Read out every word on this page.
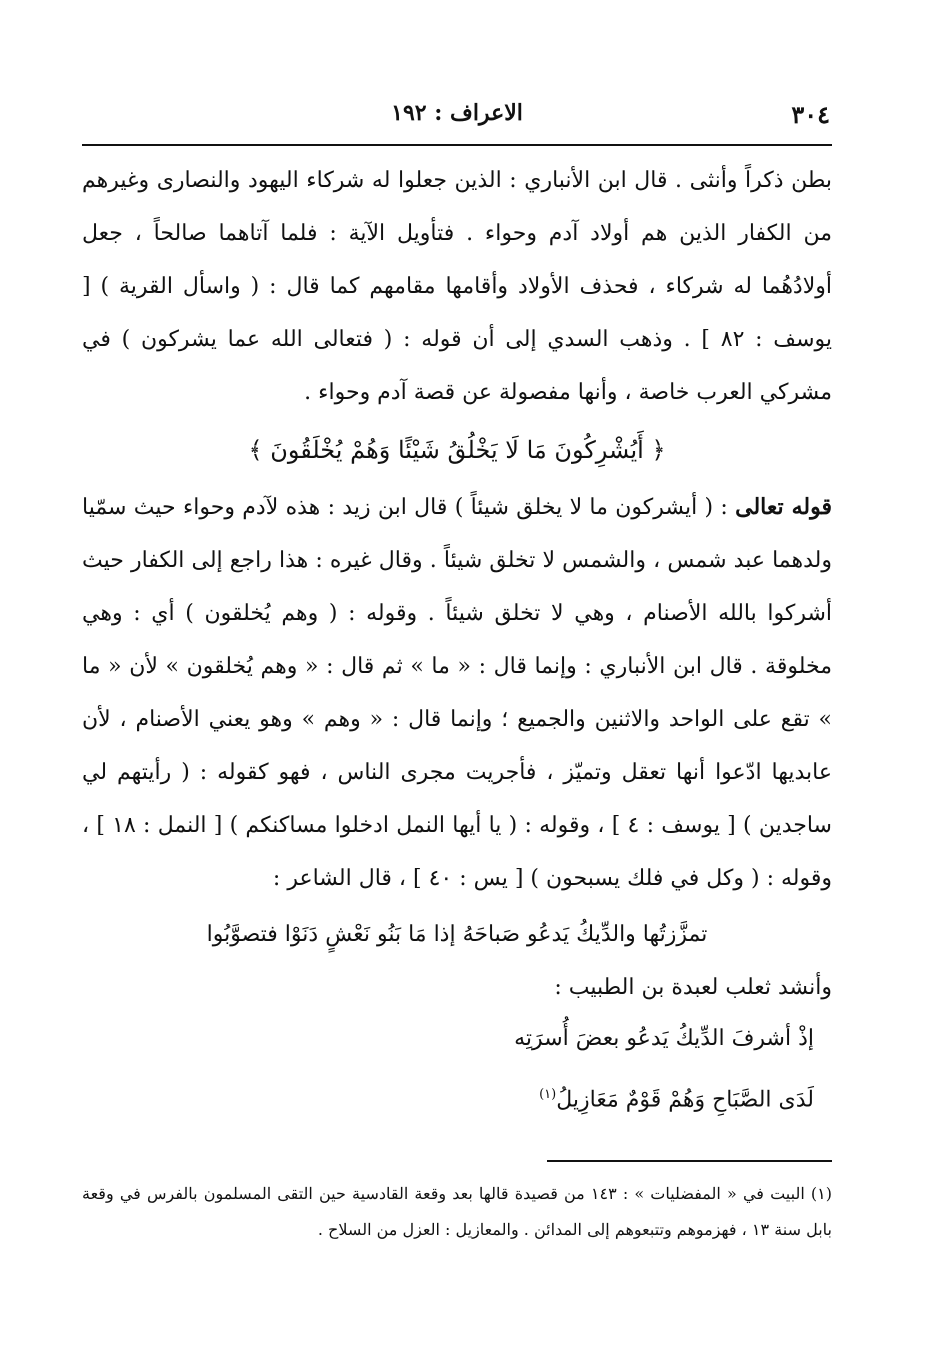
٣٠٤
الاعراف : ١٩٢

بطن ذكراً وأنثى . قال ابن الأنباري : الذين جعلوا له شركاء اليهود والنصارى وغيرهم من الكفار الذين هم أولاد آدم وحواء . فتأويل الآية : فلما آتاهما صالحاً ، جعل أولادُهُما له شركاء ، فحذف الأولاد وأقامها مقامهم كما قال : ( واسأل القرية ) [ يوسف : ٨٢ ] . وذهب السدي إلى أن قوله : ( فتعالى الله عما يشركون ) في مشركي العرب خاصة ، وأنها مفصولة عن قصة آدم وحواء .

﴿ أَيُشْرِكُونَ مَا لَا يَخْلُقُ شَيْئًا وَهُمْ يُخْلَقُونَ ﴾

قوله تعالى : ( أيشركون ما لا يخلق شيئاً ) قال ابن زيد : هذه لآدم وحواء حيث سمّيا ولدهما عبد شمس ، والشمس لا تخلق شيئاً . وقال غيره : هذا راجع إلى الكفار حيث أشركوا بالله الأصنام ، وهي لا تخلق شيئاً . وقوله : ( وهم يُخلقون ) أي : وهي مخلوقة . قال ابن الأنباري : وإنما قال : « ما » ثم قال : « وهم يُخلقون » لأن « ما » تقع على الواحد والاثنين والجميع ؛ وإنما قال : « وهم » وهو يعني الأصنام ، لأن عابديها ادّعوا أنها تعقل وتميّز ، فأجريت مجرى الناس ، فهو كقوله : ( رأيتهم لي ساجدين ) [ يوسف : ٤ ] ، وقوله : ( يا أيها النمل ادخلوا مساكنكم ) [ النمل : ١٨ ] ، وقوله : ( وكل في فلك يسبحون ) [ يس : ٤٠ ] ، قال الشاعر :

تمزَّزتُها والدِّيكُ يَدعُو صَباحَهُ إذا مَا بَنُو نَعْشٍ دَنَوْا فتصوَّبُوا

وأنشد ثعلب لعبدة بن الطبيب :

إذْ أشرفَ الدِّيكُ يَدعُو بعضَ أُسرَتِه

لَدَى الصَّبَاحِ وَهُمْ قَوْمٌ مَعَازِيلُ$^{(١)}$

(١) البيت في « المفضليات » : ١٤٣ من قصيدة قالها بعد وقعة القادسية حين التقى المسلمون بالفرس في وقعة بابل سنة ١٣ ، فهزموهم وتتبعوهم إلى المدائن . والمعازيل : العزل من السلاح .
